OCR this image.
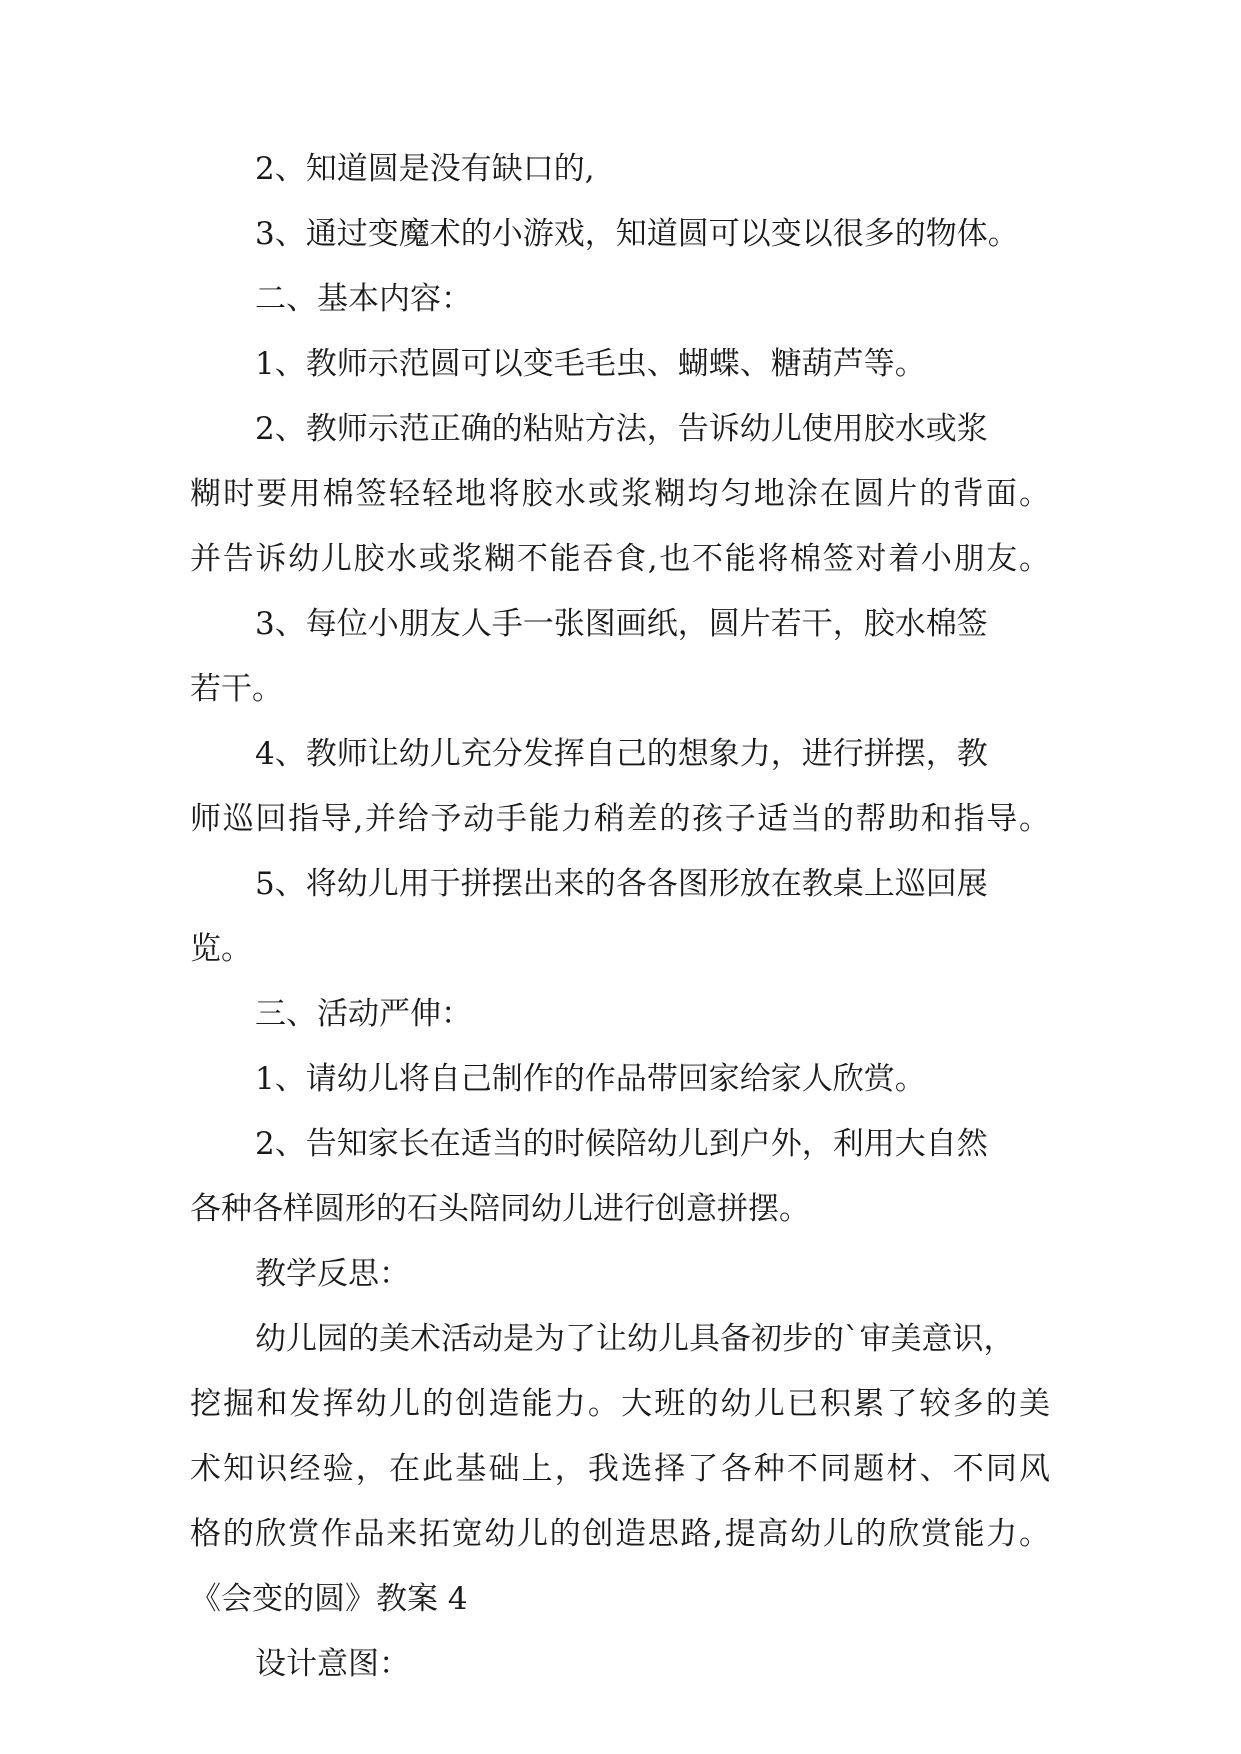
2、知道圆是没有缺口的,
3、通过变魔术的小游戏，知道圆可以变以很多的物体。
二、基本内容：
1、教师示范圆可以变毛毛虫、蝴蝶、糖葫芦等。
2、教师示范正确的粘贴方法，告诉幼儿使用胶水或浆
糊时要用棉签轻轻地将胶水或浆糊均匀地涂在圆片的背面。
并告诉幼儿胶水或浆糊不能吞食,也不能将棉签对着小朋友。
3、每位小朋友人手一张图画纸，圆片若干，胶水棉签
若干。
4、教师让幼儿充分发挥自己的想象力，进行拼摆，教
师巡回指导,并给予动手能力稍差的孩子适当的帮助和指导。
5、将幼儿用于拼摆出来的各各图形放在教桌上巡回展
览。
三、活动严伸：
1、请幼儿将自己制作的作品带回家给家人欣赏。
2、告知家长在适当的时候陪幼儿到户外，利用大自然
各种各样圆形的石头陪同幼儿进行创意拼摆。
教学反思：
幼儿园的美术活动是为了让幼儿具备初步的`审美意识，
挖掘和发挥幼儿的创造能力。大班的幼儿已积累了较多的美
术知识经验，在此基础上，我选择了各种不同题材、不同风
格的欣赏作品来拓宽幼儿的创造思路,提高幼儿的欣赏能力。
《会变的圆》教案 4
设计意图：
